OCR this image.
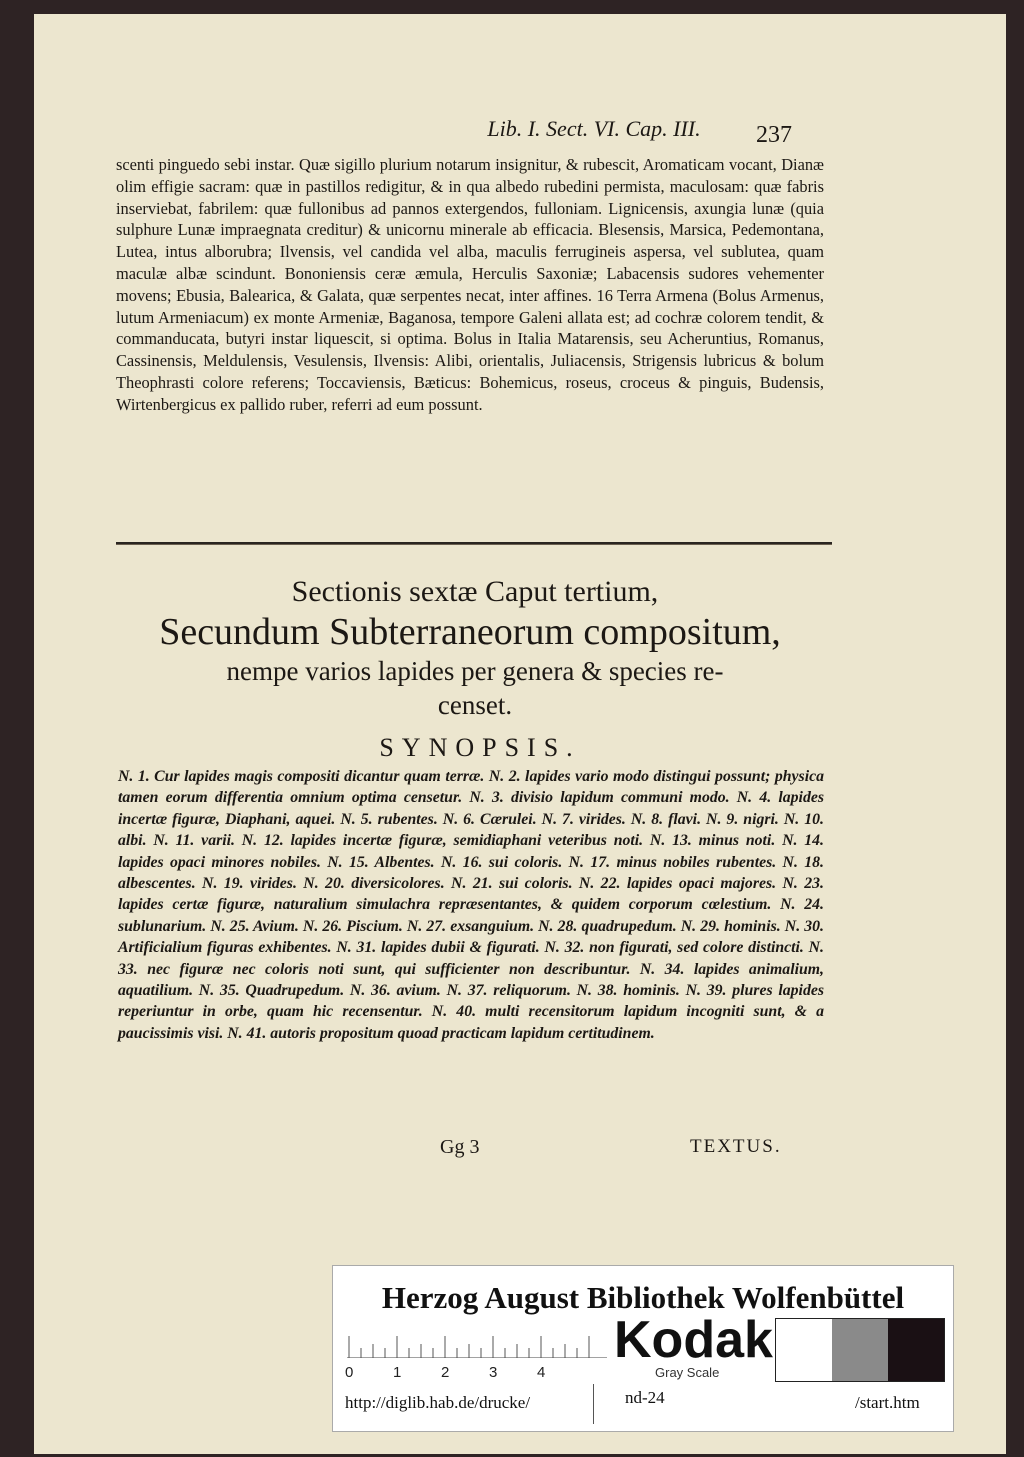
Lib. I. Sect. VI. Cap. III.	237

scenti pinguedo sebi instar. Quæ sigillo plurium notarum insignitur, & rubescit, Aromaticam vocant, Dianæ olim effigie sacram: quæ in pastillos redigitur, & in qua albedo rubedini permista, maculosam: quæ fabris inserviebat, fabrilem: quæ fullonibus ad pannos extergendos, fulloniam. Lignicensis, axungia lunæ (quia sulphure Lunæ impraegnata creditur) & unicornu minerale ab efficacia. Blesensis, Marsica, Pedemontana, Lutea, intus alborubra; Ilvensis, vel candida vel alba, maculis ferrugineis aspersa, vel sublutea, quam maculæ albæ scindunt. Bononiensis ceræ æmula, Herculis Saxoniæ; Labacensis sudores vehementer movens; Ebusia, Balearica, & Galata, quæ serpentes necat, inter affines. 16 Terra Armena (Bolus Armenus, lutum Armeniacum) ex monte Armeniæ, Baganosa, tempore Galeni allata est; ad cochræ colorem tendit, & commanducata, butyri instar liquescit, si optima. Bolus in Italia Matarensis, seu Acheruntius, Romanus, Cassinensis, Meldulensis, Vesulensis, Ilvensis: Alibi, orientalis, Juliacensis, Strigensis lubricus & bolum Theophrasti colore referens; Toccaviensis, Bæticus: Bohemicus, roseus, croceus & pinguis, Budensis, Wirtenbergicus ex pallido ruber, referri ad eum possunt.

Sectionis sextæ Caput tertium,
Secundum Subterraneorum compositum,
nempe varios lapides per genera & species re-
censet.
SYNOPSIS.

N. 1. Cur lapides magis compositi dicantur quam terræ. N. 2. lapides vario modo distingui possunt; physica tamen eorum differentia omnium optima censetur. N. 3. divisio lapidum communi modo. N. 4. lapides incertæ figuræ, Diaphani, aquei. N. 5. rubentes. N. 6. Cærulei. N. 7. virides. N. 8. flavi. N. 9. nigri. N. 10. albi. N. 11. varii. N. 12. lapides incertæ figuræ, semidiaphani veteribus noti. N. 13. minus noti. N. 14. lapides opaci minores nobiles. N. 15. Albentes. N. 16. sui coloris. N. 17. minus nobiles rubentes. N. 18. albescentes. N. 19. virides. N. 20. diversicolores. N. 21. sui coloris. N. 22. lapides opaci majores. N. 23. lapides certæ figuræ, naturalium simulachra repræsentantes, & quidem corporum cœlestium. N. 24. sublunarium. N. 25. Avium. N. 26. Piscium. N. 27. exsanguium. N. 28. quadrupedum. N. 29. hominis. N. 30. Artificialium figuras exhibentes. N. 31. lapides dubii & figurati. N. 32. non figurati, sed colore distincti. N. 33. nec figuræ nec coloris noti sunt, qui sufficienter non describuntur. N. 34. lapides animalium, aquatilium. N. 35. Quadrupedum. N. 36. avium. N. 37. reliquorum. N. 38. hominis. N. 39. plures lapides reperiuntur in orbe, quam hic recensentur. N. 40. multi recensitorum lapidum incogniti sunt, & a paucissimis visi. N. 41. autoris propositum quoad practicam lapidum certitudinem.

Gg 3	TEXTUS.
Herzog August Bibliothek Wolfenbüttel
0	1	2	3	4
Kodak
Gray Scale
http://diglib.hab.de/drucke/	nd-24	/start.htm
